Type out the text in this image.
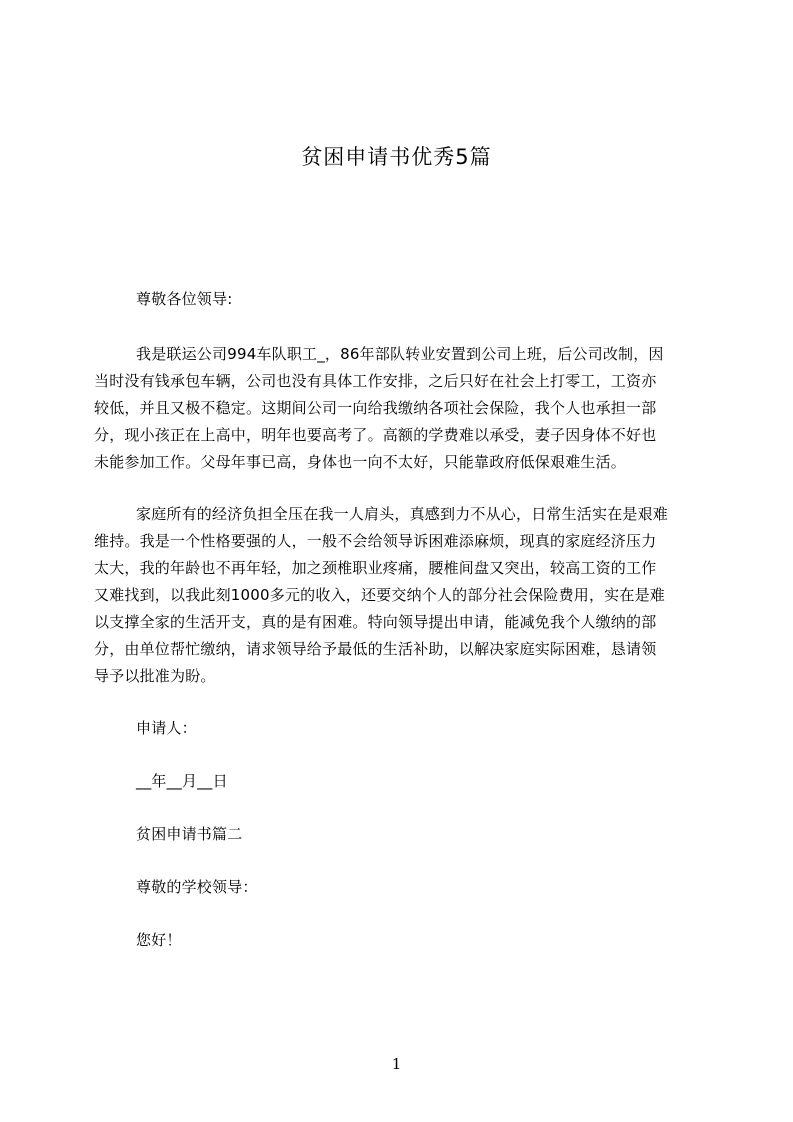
贫困申请书优秀5篇
尊敬各位领导:
我是联运公司994车队职工_，86年部队转业安置到公司上班，后公司改制，因
当时没有钱承包车辆，公司也没有具体工作安排，之后只好在社会上打零工，工资亦
较低，并且又极不稳定。这期间公司一向给我缴纳各项社会保险，我个人也承担一部
分，现小孩正在上高中，明年也要高考了。高额的学费难以承受，妻子因身体不好也
未能参加工作。父母年事已高，身体也一向不太好，只能靠政府低保艰难生活。
家庭所有的经济负担全压在我一人肩头，真感到力不从心，日常生活实在是艰难
维持。我是一个性格要强的人，一般不会给领导诉困难添麻烦，现真的家庭经济压力
太大，我的年龄也不再年轻，加之颈椎职业疼痛，腰椎间盘又突出，较高工资的工作
又难找到，以我此刻1000多元的收入，还要交纳个人的部分社会保险费用，实在是难
以支撑全家的生活开支，真的是有困难。特向领导提出申请，能减免我个人缴纳的部
分，由单位帮忙缴纳，请求领导给予最低的生活补助，以解决家庭实际困难，恳请领
导予以批准为盼。
申请人：
__年__月__日
贫困申请书篇二
尊敬的学校领导：
您好！
1
